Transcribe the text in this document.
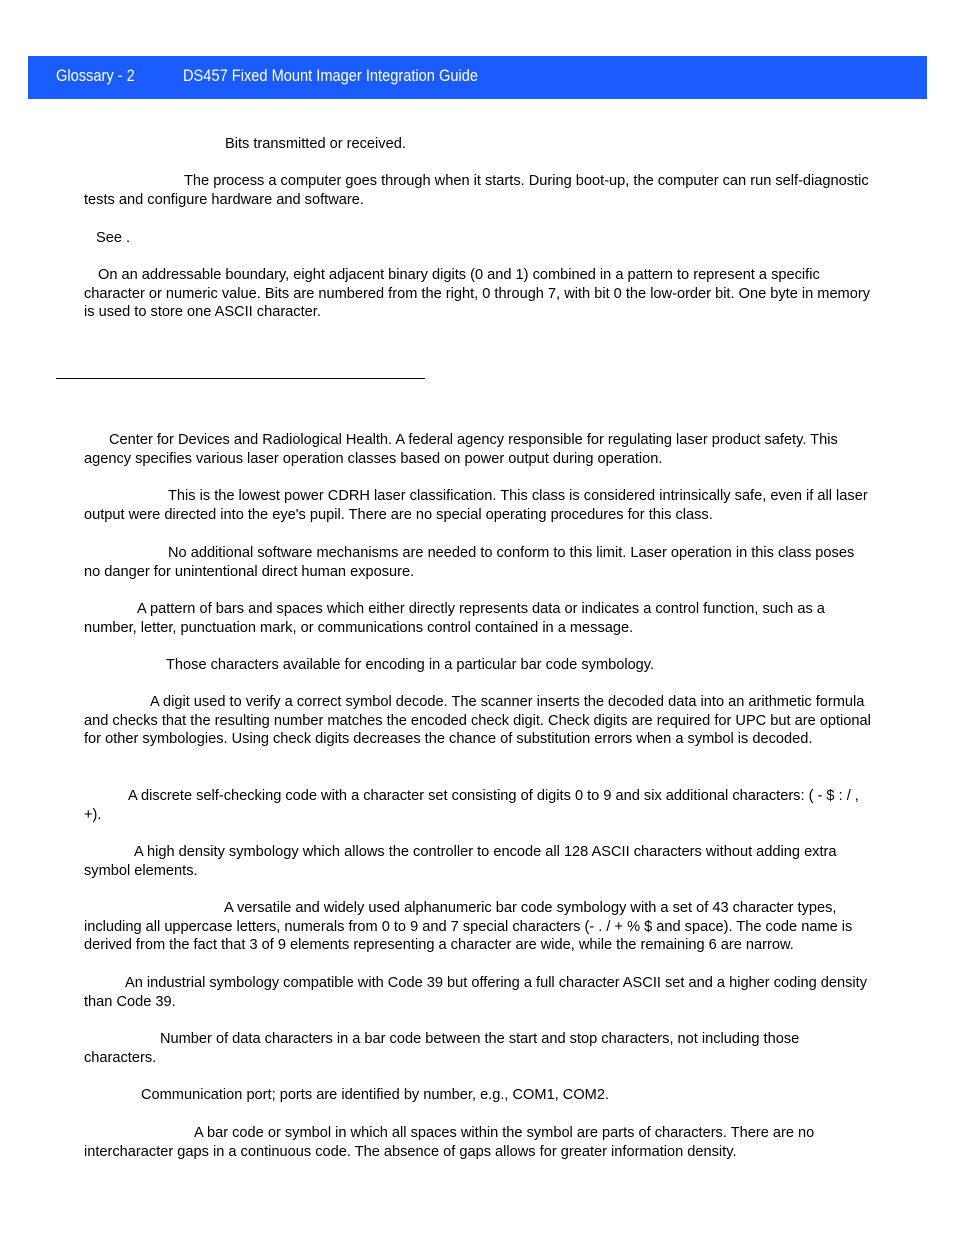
Glossary - 2	DS457 Fixed Mount Imager Integration Guide

Bits transmitted or received.

The process a computer goes through when it starts. During boot-up, the computer can run self-diagnostic tests and configure hardware and software.

See .

On an addressable boundary, eight adjacent binary digits (0 and 1) combined in a pattern to represent a specific character or numeric value. Bits are numbered from the right, 0 through 7, with bit 0 the low-order bit. One byte in memory is used to store one ASCII character.

Center for Devices and Radiological Health. A federal agency responsible for regulating laser product safety. This agency specifies various laser operation classes based on power output during operation.

This is the lowest power CDRH laser classification. This class is considered intrinsically safe, even if all laser output were directed into the eye's pupil. There are no special operating procedures for this class.

No additional software mechanisms are needed to conform to this limit. Laser operation in this class poses no danger for unintentional direct human exposure.

A pattern of bars and spaces which either directly represents data or indicates a control function, such as a number, letter, punctuation mark, or communications control contained in a message.

Those characters available for encoding in a particular bar code symbology.

A digit used to verify a correct symbol decode. The scanner inserts the decoded data into an arithmetic formula and checks that the resulting number matches the encoded check digit. Check digits are required for UPC but are optional for other symbologies. Using check digits decreases the chance of substitution errors when a symbol is decoded.

A discrete self-checking code with a character set consisting of digits 0 to 9 and six additional characters: ( - $ : / , +).

A high density symbology which allows the controller to encode all 128 ASCII characters without adding extra symbol elements.

A versatile and widely used alphanumeric bar code symbology with a set of 43 character types, including all uppercase letters, numerals from 0 to 9 and 7 special characters (- . / + % $ and space). The code name is derived from the fact that 3 of 9 elements representing a character are wide, while the remaining 6 are narrow.

An industrial symbology compatible with Code 39 but offering a full character ASCII set and a higher coding density than Code 39.

Number of data characters in a bar code between the start and stop characters, not including those characters.

Communication port; ports are identified by number, e.g., COM1, COM2.

A bar code or symbol in which all spaces within the symbol are parts of characters. There are no intercharacter gaps in a continuous code. The absence of gaps allows for greater information density.
